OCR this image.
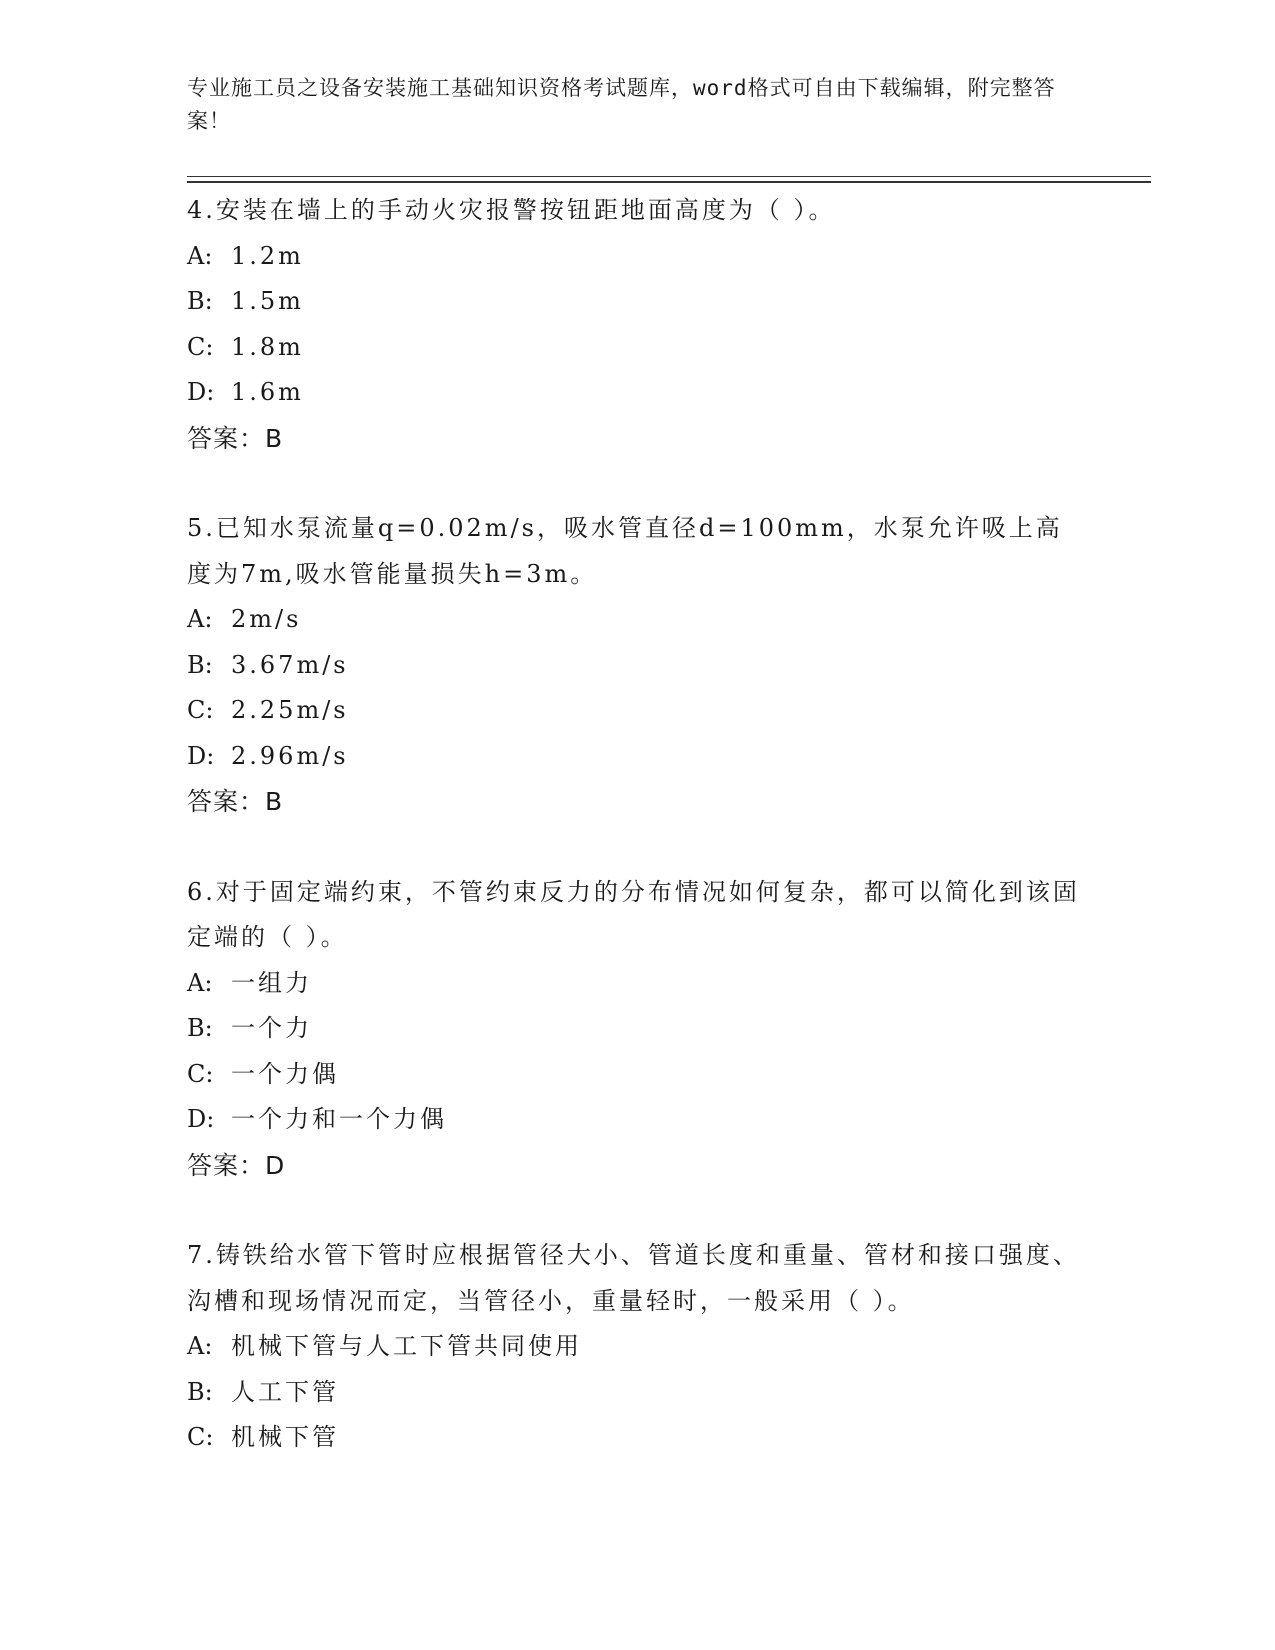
专业施工员之设备安装施工基础知识资格考试题库，word格式可自由下载编辑，附完整答案！

4.安装在墙上的手动火灾报警按钮距地面高度为（ ）。

A: 1.2m
B: 1.5m
C: 1.8m
D: 1.6m
答案：B

5.已知水泵流量q=0.02m/s，吸水管直径d=100mm，水泵允许吸上高度为7m,吸水管能量损失h=3m。

A: 2m/s
B: 3.67m/s
C: 2.25m/s
D: 2.96m/s
答案：B

6.对于固定端约束，不管约束反力的分布情况如何复杂，都可以简化到该固定端的（ ）。

A: 一组力
B: 一个力
C: 一个力偶
D: 一个力和一个力偶
答案：D

7.铸铁给水管下管时应根据管径大小、管道长度和重量、管材和接口强度、沟槽和现场情况而定，当管径小，重量轻时，一般采用（ ）。

A: 机械下管与人工下管共同使用
B: 人工下管
C: 机械下管
